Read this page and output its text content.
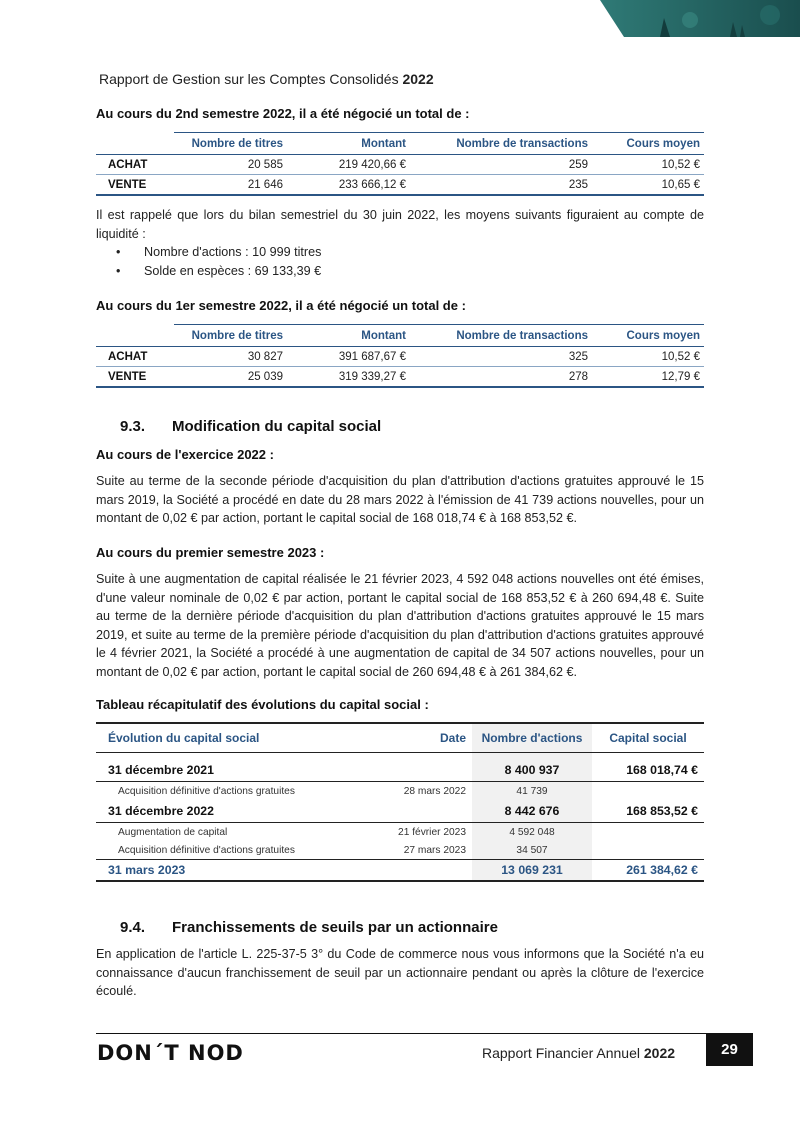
Rapport de Gestion sur les Comptes Consolidés 2022
Au cours du 2nd semestre 2022, il a été négocié un total de :
	Nombre de titres	Montant	Nombre de transactions	Cours moyen
ACHAT	20 585	219 420,66 €	259	10,52 €
VENTE	21 646	233 666,12 €	235	10,65 €
Il est rappelé que lors du bilan semestriel du 30 juin 2022, les moyens suivants figuraient au compte de liquidité :
• Nombre d'actions : 10 999 titres
• Solde en espèces : 69 133,39 €
Au cours du 1er semestre 2022, il a été négocié un total de :
	Nombre de titres	Montant	Nombre de transactions	Cours moyen
ACHAT	30 827	391 687,67 €	325	10,52 €
VENTE	25 039	319 339,27 €	278	12,79 €
9.3. Modification du capital social
Au cours de l'exercice 2022 :
Suite au terme de la seconde période d'acquisition du plan d'attribution d'actions gratuites approuvé le 15 mars 2019, la Société a procédé en date du 28 mars 2022 à l'émission de 41 739 actions nouvelles, pour un montant de 0,02 € par action, portant le capital social de 168 018,74 € à 168 853,52 €.
Au cours du premier semestre 2023 :
Suite à une augmentation de capital réalisée le 21 février 2023, 4 592 048 actions nouvelles ont été émises, d'une valeur nominale de 0,02 € par action, portant le capital social de 168 853,52 € à 260 694,48 €. Suite au terme de la dernière période d'acquisition du plan d'attribution d'actions gratuites approuvé le 15 mars 2019, et suite au terme de la première période d'acquisition du plan d'attribution d'actions gratuites approuvé le 4 février 2021, la Société a procédé à une augmentation de capital de 34 507 actions nouvelles, pour un montant de 0,02 € par action, portant le capital social de 260 694,48 € à 261 384,62 €.
Tableau récapitulatif des évolutions du capital social :
Évolution du capital social	Date	Nombre d'actions	Capital social

31 décembre 2021		8 400 937	168 018,74 €
Acquisition définitive d'actions gratuites	28 mars 2022	41 739	
31 décembre 2022		8 442 676	168 853,52 €
Augmentation de capital	21 février 2023	4 592 048	
Acquisition définitive d'actions gratuites	27 mars 2023	34 507	
31 mars 2023		13 069 231	261 384,62 €
9.4. Franchissements de seuils par un actionnaire
En application de l'article L. 225-37-5 3° du Code de commerce nous vous informons que la Société n'a eu connaissance d'aucun franchissement de seuil par un actionnaire pendant ou après la clôture de l'exercice écoulé.
DON´T NOD	Rapport Financier Annuel 2022	29
